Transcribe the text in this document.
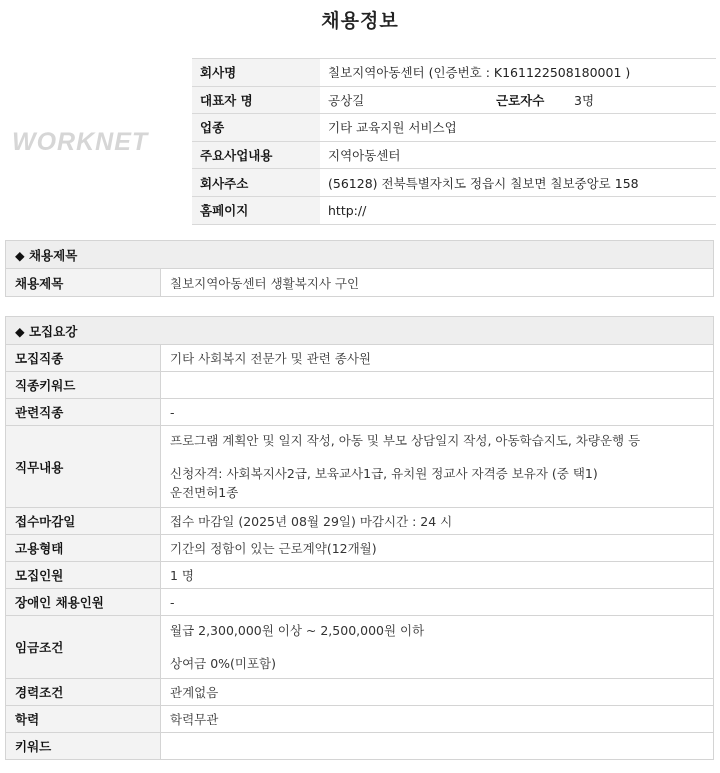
채용정보
WORKNET
회사명	칠보지역아동센터 (인증번호 : K161122508180001 )		
대표자 명	공상길	근로자수	3명
업종	기타 교육지원 서비스업		
주요사업내용	지역아동센터		
회사주소	(56128) 전북특별자치도 정읍시 칠보면 칠보중앙로 158		
홈페이지	http://		
◆ 채용제목
채용제목	칠보지역아동센터 생활복지사 구인
◆ 모집요강	
모집직종	기타 사회복지 전문가 및 관련 종사원
직종키워드	
관련직종	-
직무내용	프로그램 계획안 및 일지 작성, 아동 및 부모 상담일지 작성, 아동학습지도, 차량운행 등
신청자격: 사회복지사2급, 보육교사1급, 유치원 정교사 자격증 보유자 (중 택1)
운전면허1종

접수마감일	접수 마감일 (2025년 08월 29일) 마감시간 : 24 시
고용형태	기간의 정함이 있는 근로계약(12개월)
모집인원	1 명
장애인 채용인원	-
임금조건	월급 2,300,000원 이상 ~ 2,500,000원 이하
상여금 0%(미포함)

경력조건	관계없음
학력	학력무관
키워드	
